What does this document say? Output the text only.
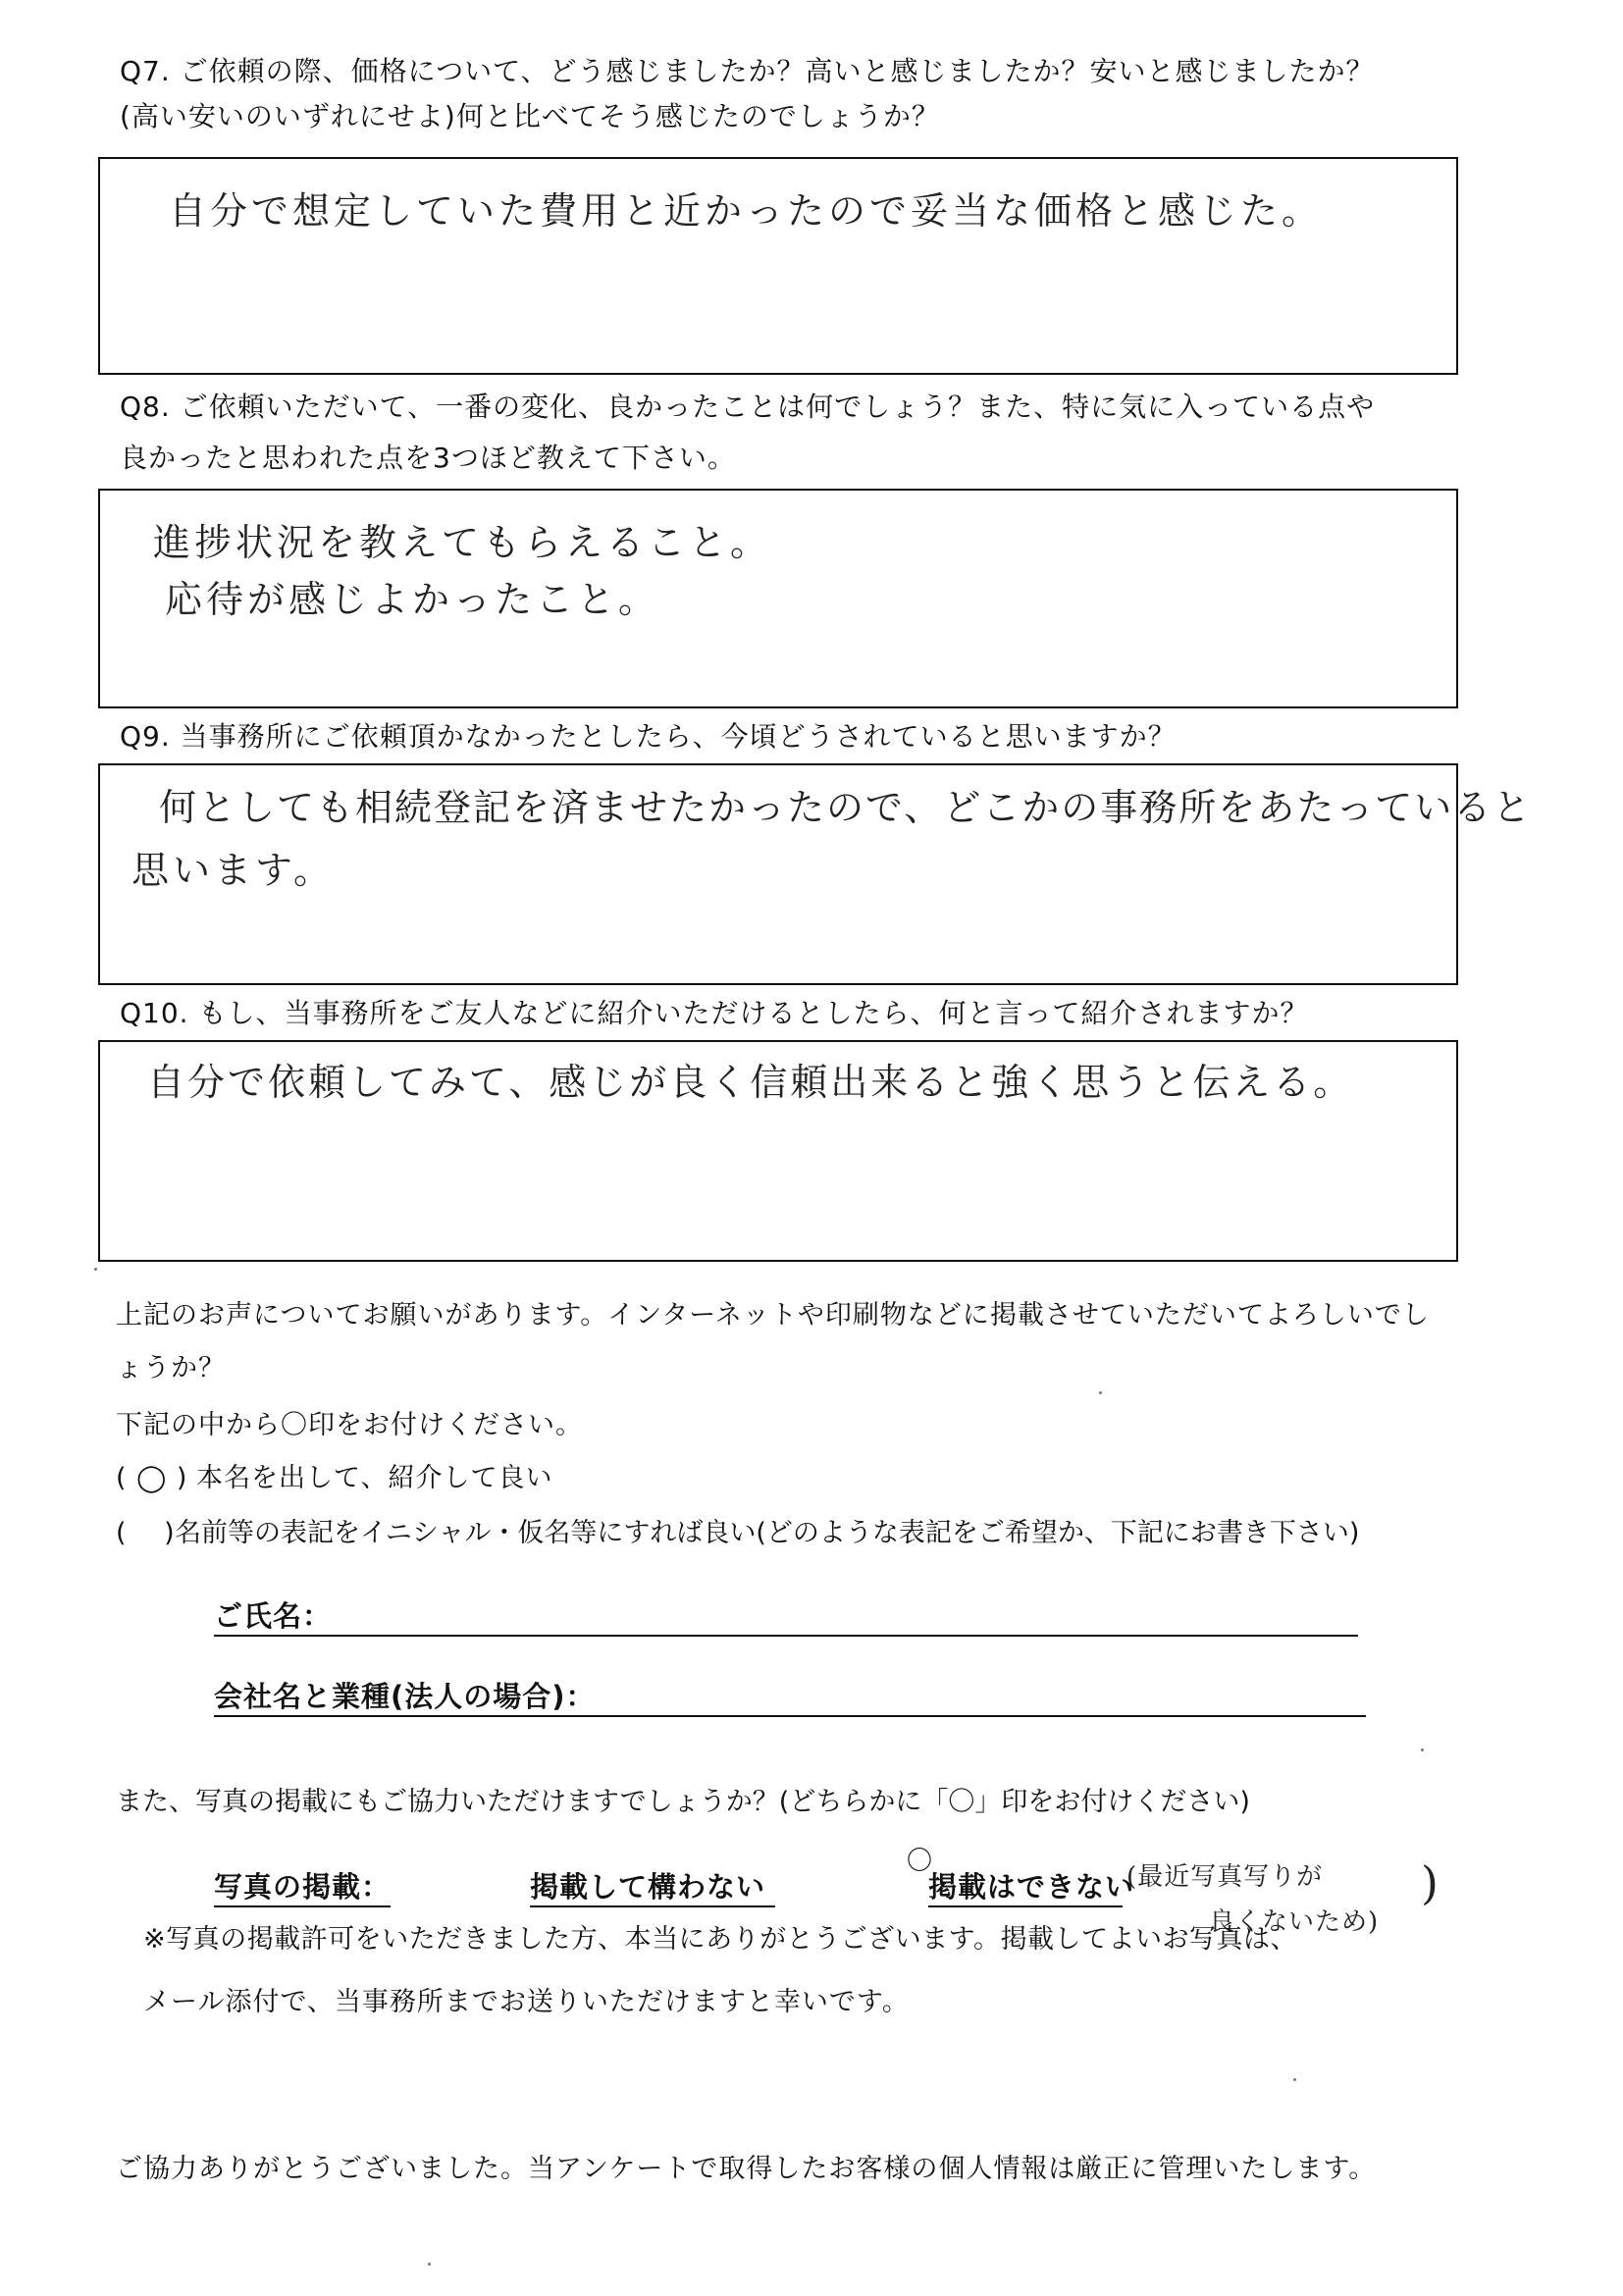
Q7. ご依頼の際、価格について、どう感じましたか？高いと感じましたか？安いと感じましたか？
(高い安いのいずれにせよ)何と比べてそう感じたのでしょうか？
自分で想定していた費用と近かったので妥当な価格と感じた。
Q8. ご依頼いただいて、一番の変化、良かったことは何でしょう？また、特に気に入っている点や
良かったと思われた点を3つほど教えて下さい。
進捗状況を教えてもらえること。
応待が感じよかったこと。
Q9. 当事務所にご依頼頂かなかったとしたら、今頃どうされていると思いますか？
何としても相続登記を済ませたかったので、どこかの事務所をあたっていると
思います。
Q10. もし、当事務所をご友人などに紹介いただけるとしたら、何と言って紹介されますか？
自分で依頼してみて、感じが良く信頼出来ると強く思うと伝える。
上記のお声についてお願いがあります。インターネットや印刷物などに掲載させていただいてよろしいでし
ょうか？
下記の中から〇印をお付けください。
( ◯ ) 本名を出して、紹介して良い
(　 ) 名前等の表記をイニシャル・仮名等にすれば良い(どのような表記をご希望か、下記にお書き下さい)
ご氏名：
会社名と業種(法人の場合)：
また、写真の掲載にもご協力いただけますでしょうか？(どちらかに「〇」印をお付けください)
写真の掲載：	掲載して構わない
〇
掲載はできない
(最近写真写りが
良くないため)
)
※写真の掲載許可をいただきました方、本当にありがとうございます。掲載してよいお写真は、
メール添付で、当事務所までお送りいただけますと幸いです。
ご協力ありがとうございました。当アンケートで取得したお客様の個人情報は厳正に管理いたします。
